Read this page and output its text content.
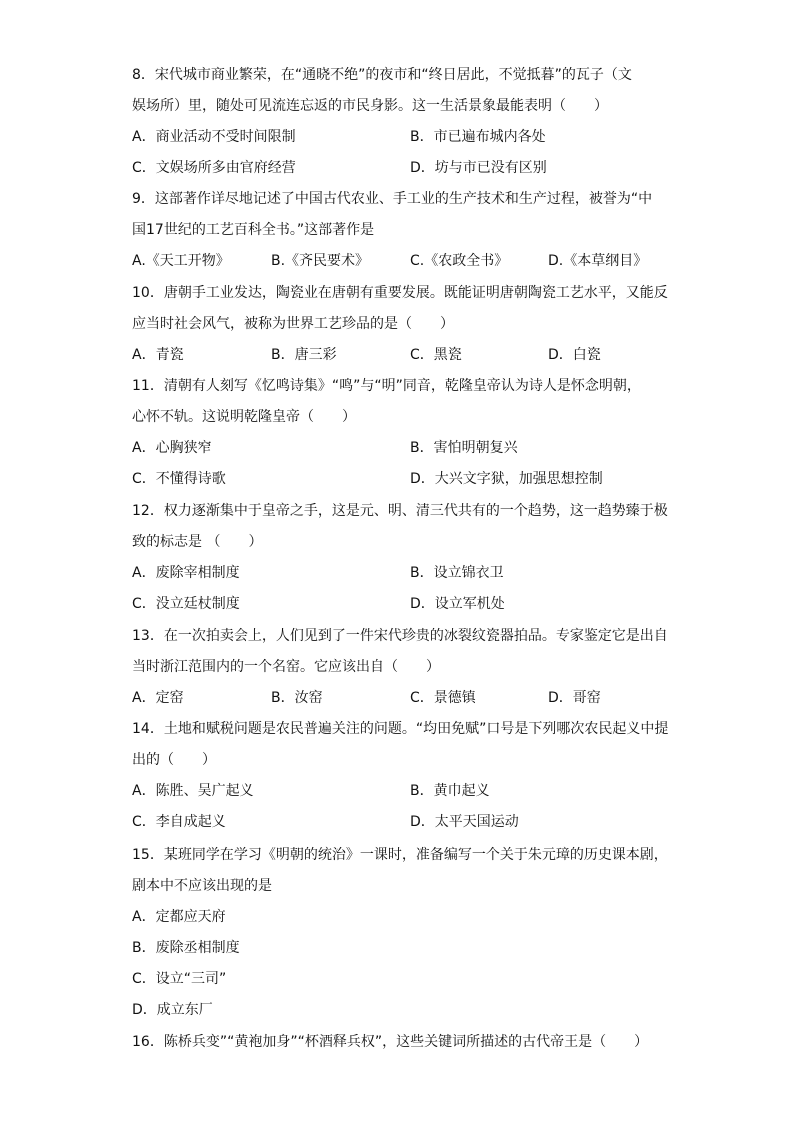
8．宋代城市商业繁荣，在“通晓不绝”的夜市和“终日居此，不觉抵暮”的瓦子（文
娱场所）里，随处可见流连忘返的市民身影。这一生活景象最能表明（　　）
A．商业活动不受时间限制	B．市已遍布城内各处
C．文娱场所多由官府经营	D．坊与市已没有区别
9．这部著作详尽地记述了中国古代农业、手工业的生产技术和生产过程，被誉为“中
国17世纪的工艺百科全书。”这部著作是
A.《天工开物》	B.《齐民要术》	C.《农政全书》	D.《本草纲目》
10．唐朝手工业发达，陶瓷业在唐朝有重要发展。既能证明唐朝陶瓷工艺水平，又能反
应当时社会风气，被称为世界工艺珍品的是（　　）
A．青瓷	B．唐三彩	C．黑瓷	D．白瓷
11．清朝有人刻写《忆鸣诗集》“鸣”与“明”同音，乾隆皇帝认为诗人是怀念明朝，
心怀不轨。这说明乾隆皇帝（　　）
A．心胸狭窄	B．害怕明朝复兴
C．不懂得诗歌	D．大兴文字狱，加强思想控制
12．权力逐渐集中于皇帝之手，这是元、明、清三代共有的一个趋势，这一趋势臻于极
致的标志是 （　　）
A．废除宰相制度	B．设立锦衣卫
C．没立廷杖制度	D．设立军机处
13．在一次拍卖会上，人们见到了一件宋代珍贵的冰裂纹瓷器拍品。专家鉴定它是出自
当时浙江范围内的一个名窑。它应该出自（　　）
A．定窑	B．汝窑	C．景德镇	D．哥窑
14．土地和赋税问题是农民普遍关注的问题。“均田免赋”口号是下列哪次农民起义中提
出的（　　）
A．陈胜、吴广起义	B．黄巾起义
C．李自成起义	D．太平天国运动
15．某班同学在学习《明朝的统治》一课时，准备编写一个关于朱元璋的历史课本剧，
剧本中不应该出现的是
A．定都应天府
B．废除丞相制度
C．设立“三司”
D．成立东厂
16．陈桥兵变”“黄袍加身”“杯酒释兵权”，这些关键词所描述的古代帝王是（　　）
